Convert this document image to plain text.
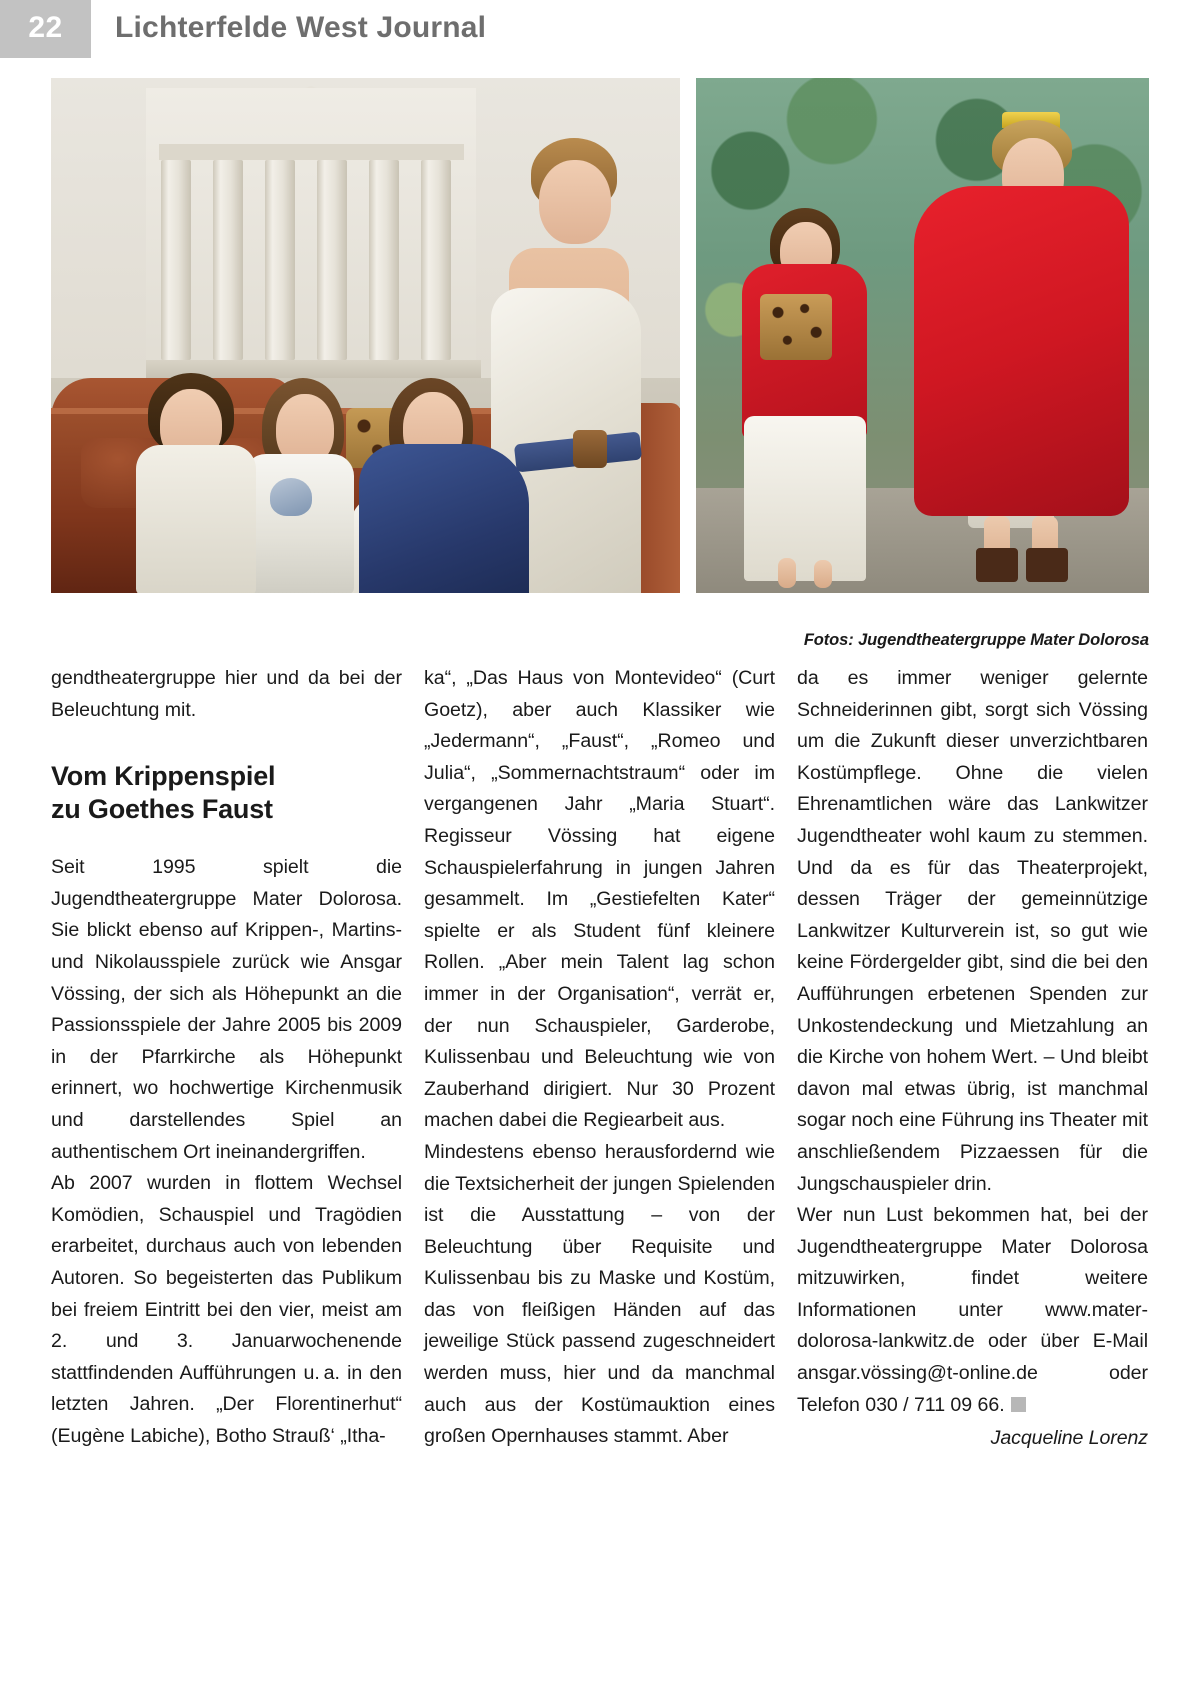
22	Lichterfelde West Journal
Fotos: Jugendtheatergruppe Mater Dolorosa

gendtheatergruppe hier und da bei der Beleuchtung mit.

Vom Krippenspiel
zu Goethes Faust

Seit 1995 spielt die Jugendtheatergruppe Mater Dolorosa. Sie blickt ebenso auf Krippen-, Martins- und Nikolausspiele zurück wie Ansgar Vössing, der sich als Höhepunkt an die Passionsspiele der Jahre 2005 bis 2009 in der Pfarrkirche als Höhepunkt erinnert, wo hochwertige Kirchenmusik und darstellendes Spiel an authentischem Ort ineinandergriffen.

Ab 2007 wurden in flottem Wechsel Komödien, Schauspiel und Tragödien erarbeitet, durchaus auch von lebenden Autoren. So begeisterten das Publikum bei freiem Eintritt bei den vier, meist am 2. und 3. Januarwochenende stattfindenden Aufführungen u. a. in den letzten Jahren. „Der Florentinerhut“ (Eugène Labiche), Botho Strauß‘ „Itha-

ka“, „Das Haus von Montevideo“ (Curt Goetz), aber auch Klassiker wie „Jedermann“, „Faust“, „Romeo und Julia“, „Sommernachtstraum“ oder im vergangenen Jahr „Maria Stuart“. Regisseur Vössing hat eigene Schauspielerfahrung in jungen Jahren gesammelt. Im „Gestiefelten Kater“ spielte er als Student fünf kleinere Rollen. „Aber mein Talent lag schon immer in der Organisation“, verrät er, der nun Schauspieler, Garderobe, Kulissenbau und Beleuchtung wie von Zauberhand dirigiert. Nur 30 Prozent machen dabei die Regiearbeit aus.

Mindestens ebenso herausfordernd wie die Textsicherheit der jungen Spielenden ist die Ausstattung – von der Beleuchtung über Requisite und Kulissenbau bis zu Maske und Kostüm, das von fleißigen Händen auf das jeweilige Stück passend zugeschneidert werden muss, hier und da manchmal auch aus der Kostümauktion eines großen Opernhauses stammt. Aber

da es immer weniger gelernte Schneiderinnen gibt, sorgt sich Vössing um die Zukunft dieser unverzichtbaren Kostümpflege. Ohne die vielen Ehrenamtlichen wäre das Lankwitzer Jugendtheater wohl kaum zu stemmen. Und da es für das Theaterprojekt, dessen Träger der gemeinnützige Lankwitzer Kulturverein ist, so gut wie keine Fördergelder gibt, sind die bei den Aufführungen erbetenen Spenden zur Unkostendeckung und Mietzahlung an die Kirche von hohem Wert. – Und bleibt davon mal etwas übrig, ist manchmal sogar noch eine Führung ins Theater mit anschließendem Pizzaessen für die Jungschauspieler drin.

Wer nun Lust bekommen hat, bei der Jugendtheatergruppe Mater Dolorosa mitzuwirken, findet weitere Informationen unter www.mater-dolorosa-lankwitz.de oder über E-Mail ansgar.vössing@t-online.de oder Telefon 030 / 711 09 66.

Jacqueline Lorenz
